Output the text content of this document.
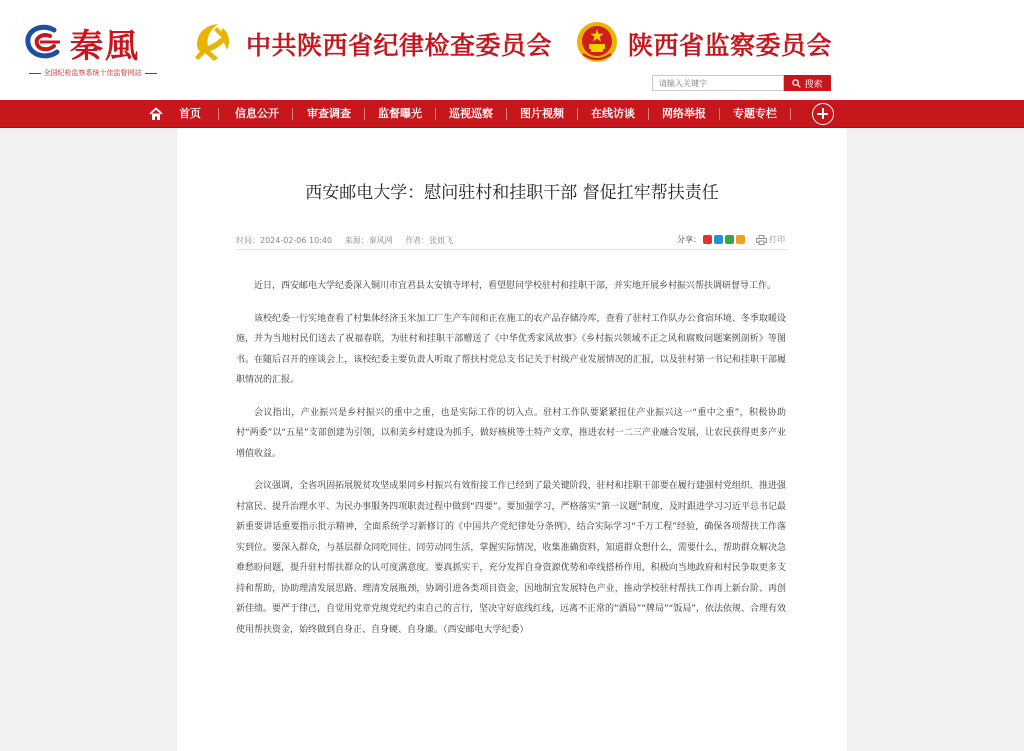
秦風
全国纪检监察系统十佳监督网站
中共陕西省纪律检查委员会	陕西省监察委员会
请输入关键字
搜索
首页	信息公开	审查调查 监督曝光 巡视巡察 图片视频 在线访谈 网络举报 专题专栏
西安邮电大学：慰问驻村和挂职干部 督促扛牢帮扶责任
时间：2024-02-06 10:40 来源：秦风网 作者：张姐飞	分享：	打印

近日，西安邮电大学纪委深入铜川市宜君县太安镇寺坪村，看望慰问学校驻村和挂职干部，并实地开展乡村振兴帮扶调研督导工作。

该校纪委一行实地查看了村集体经济玉米加工厂生产车间和正在施工的农产品存储冷库，查看了驻村工作队办公食宿环境、冬季取暖设施，并为当地村民们送去了祝福春联，为驻村和挂职干部赠送了《中华优秀家风故事》《乡村振兴领域不正之风和腐败问题案例剖析》等图书。在随后召开的座谈会上，该校纪委主要负责人听取了帮扶村党总支书记关于村级产业发展情况的汇报，以及驻村第一书记和挂职干部履职情况的汇报。

会议指出，产业振兴是乡村振兴的重中之重，也是实际工作的切入点。驻村工作队要紧紧扭住产业振兴这一“重中之重”，积极协助村“两委”以“五星”支部创建为引领，以和美乡村建设为抓手，做好核桃等土特产文章，推进农村一二三产业融合发展，让农民获得更多产业增值收益。

会议强调，全省巩固拓展脱贫攻坚成果同乡村振兴有效衔接工作已经到了最关键阶段，驻村和挂职干部要在履行建强村党组织、推进强村富民、提升治理水平、为民办事服务四项职责过程中做到“四要”。要加强学习，严格落实“第一议题”制度，及时跟进学习习近平总书记最新重要讲话重要指示批示精神，全面系统学习新修订的《中国共产党纪律处分条例》，结合实际学习“千万工程”经验，确保各项帮扶工作落实到位。要深入群众，与基层群众同吃同住、同劳动同生活，掌握实际情况，收集准确资料，知道群众想什么，需要什么，帮助群众解决急难愁盼问题，提升驻村帮扶群众的认可度满意度。要真抓实干，充分发挥自身资源优势和牵线搭桥作用，积极向当地政府和村民争取更多支持和帮助，协助理清发展思路、理清发展瓶颈，协调引进各类项目资金，因地制宜发展特色产业，推动学校驻村帮扶工作再上新台阶、再创新佳绩。要严于律己，自觉用党章党规党纪约束自己的言行，坚决守好底线红线，远离不正常的“酒局”“牌局”“饭局”，依法依规、合理有效使用帮扶资金，始终做到自身正、自身硬、自身廉。（西安邮电大学纪委）
